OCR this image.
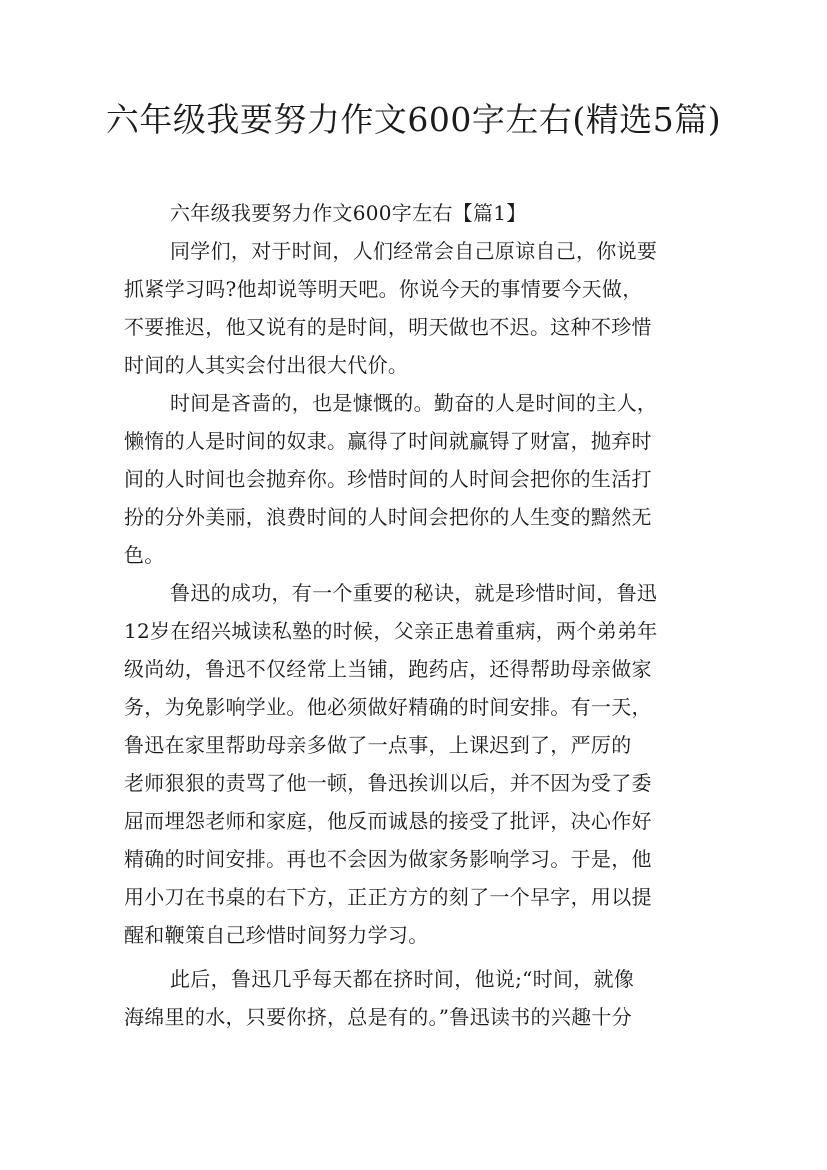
六年级我要努力作文600字左右(精选5篇)
六年级我要努力作文600字左右【篇1】
同学们，对于时间，人们经常会自己原谅自己，你说要
抓紧学习吗?他却说等明天吧。你说今天的事情要今天做，
不要推迟，他又说有的是时间，明天做也不迟。这种不珍惜
时间的人其实会付出很大代价。
时间是吝啬的，也是慷慨的。勤奋的人是时间的主人，
懒惰的人是时间的奴隶。赢得了时间就赢锝了财富，抛弃时
间的人时间也会抛弃你。珍惜时间的人时间会把你的生活打
扮的分外美丽，浪费时间的人时间会把你的人生变的黯然无
色。
鲁迅的成功，有一个重要的秘诀，就是珍惜时间，鲁迅
12岁在绍兴城读私塾的时候，父亲正患着重病，两个弟弟年
级尚幼，鲁迅不仅经常上当铺，跑药店，还得帮助母亲做家
务，为免影响学业。他必须做好精确的时间安排。有一天，
鲁迅在家里帮助母亲多做了一点事，上课迟到了，严厉的
老师狠狠的责骂了他一顿，鲁迅挨训以后，并不因为受了委
屈而埋怨老师和家庭，他反而诚恳的接受了批评，决心作好
精确的时间安排。再也不会因为做家务影响学习。于是，他
用小刀在书桌的右下方，正正方方的刻了一个早字，用以提
醒和鞭策自己珍惜时间努力学习。
此后，鲁迅几乎每天都在挤时间，他说;“时间，就像
海绵里的水，只要你挤，总是有的。”鲁迅读书的兴趣十分
